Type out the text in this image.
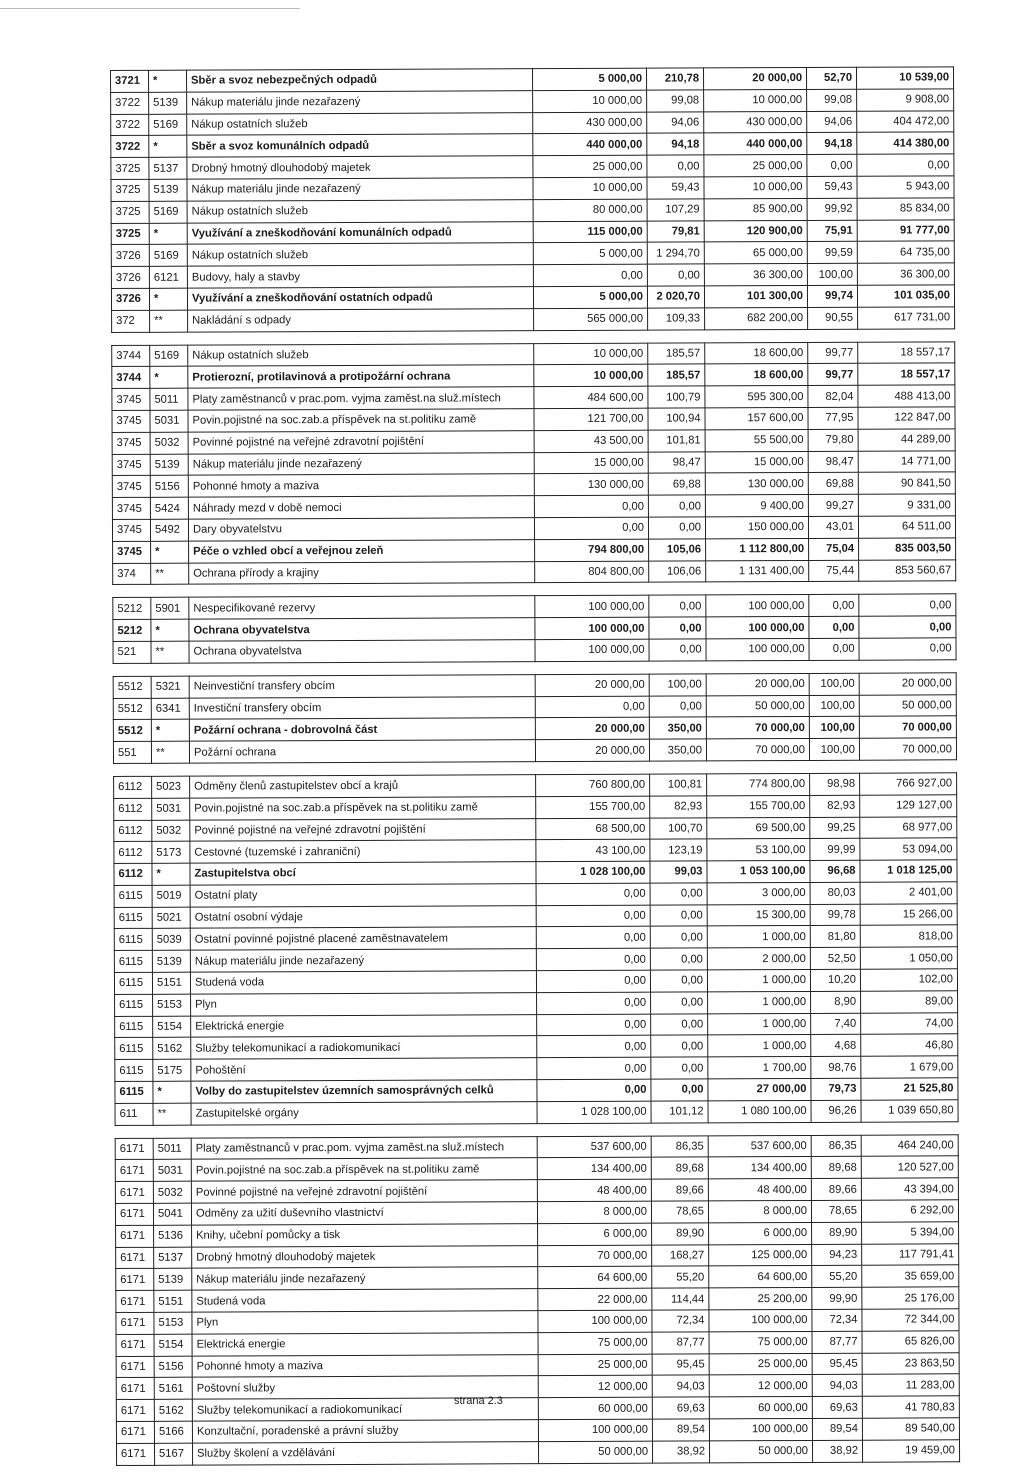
3721	*	Sběr a svoz nebezpečných odpadů	5 000,00	210,78	20 000,00	52,70	10 539,00
3722	5139	Nákup materiálu jinde nezařazený	10 000,00	99,08	10 000,00	99,08	9 908,00
3722	5169	Nákup ostatních služeb	430 000,00	94,06	430 000,00	94,06	404 472,00
3722	*	Sběr a svoz komunálních odpadů	440 000,00	94,18	440 000,00	94,18	414 380,00
3725	5137	Drobný hmotný dlouhodobý majetek	25 000,00	0,00	25 000,00	0,00	0,00
3725	5139	Nákup materiálu jinde nezařazený	10 000,00	59,43	10 000,00	59,43	5 943,00
3725	5169	Nákup ostatních služeb	80 000,00	107,29	85 900,00	99,92	85 834,00
3725	*	Využívání a zneškodňování komunálních odpadů	115 000,00	79,81	120 900,00	75,91	91 777,00
3726	5169	Nákup ostatních služeb	5 000,00	1 294,70	65 000,00	99,59	64 735,00
3726	6121	Budovy, haly a stavby	0,00	0,00	36 300,00	100,00	36 300,00
3726	*	Využívání a zneškodňování ostatních odpadů	5 000,00	2 020,70	101 300,00	99,74	101 035,00
372	**	Nakládání s odpady	565 000,00	109,33	682 200,00	90,55	617 731,00
3744	5169	Nákup ostatních služeb	10 000,00	185,57	18 600,00	99,77	18 557,17
3744	*	Protierozní, protilavinová a protipožární ochrana	10 000,00	185,57	18 600,00	99,77	18 557,17
3745	5011	Platy zaměstnanců v prac.pom. vyjma zaměst.na služ.místech	484 600,00	100,79	595 300,00	82,04	488 413,00
3745	5031	Povin.pojistné na soc.zab.a příspěvek na st.politiku zamě	121 700,00	100,94	157 600,00	77,95	122 847,00
3745	5032	Povinné pojistné na veřejné zdravotní pojištění	43 500,00	101,81	55 500,00	79,80	44 289,00
3745	5139	Nákup materiálu jinde nezařazený	15 000,00	98,47	15 000,00	98,47	14 771,00
3745	5156	Pohonné hmoty a maziva	130 000,00	69,88	130 000,00	69,88	90 841,50
3745	5424	Náhrady mezd v době nemoci	0,00	0,00	9 400,00	99,27	9 331,00
3745	5492	Dary obyvatelstvu	0,00	0,00	150 000,00	43,01	64 511,00
3745	*	Péče o vzhled obcí a veřejnou zeleň	794 800,00	105,06	1 112 800,00	75,04	835 003,50
374	**	Ochrana přírody a krajiny	804 800,00	106,06	1 131 400,00	75,44	853 560,67
5212	5901	Nespecifikované rezervy	100 000,00	0,00	100 000,00	0,00	0,00
5212	*	Ochrana obyvatelstva	100 000,00	0,00	100 000,00	0,00	0,00
521	**	Ochrana obyvatelstva	100 000,00	0,00	100 000,00	0,00	0,00
5512	5321	Neinvestiční transfery obcím	20 000,00	100,00	20 000,00	100,00	20 000,00
5512	6341	Investiční transfery obcím	0,00	0,00	50 000,00	100,00	50 000,00
5512	*	Požární ochrana - dobrovolná část	20 000,00	350,00	70 000,00	100,00	70 000,00
551	**	Požární ochrana	20 000,00	350,00	70 000,00	100,00	70 000,00
6112	5023	Odměny členů zastupitelstev obcí a krajů	760 800,00	100,81	774 800,00	98,98	766 927,00
6112	5031	Povin.pojistné na soc.zab.a příspěvek na st.politiku zamě	155 700,00	82,93	155 700,00	82,93	129 127,00
6112	5032	Povinné pojistné na veřejné zdravotní pojištění	68 500,00	100,70	69 500,00	99,25	68 977,00
6112	5173	Cestovné (tuzemské i zahraniční)	43 100,00	123,19	53 100,00	99,99	53 094,00
6112	*	Zastupitelstva obcí	1 028 100,00	99,03	1 053 100,00	96,68	1 018 125,00
6115	5019	Ostatní platy	0,00	0,00	3 000,00	80,03	2 401,00
6115	5021	Ostatní osobní výdaje	0,00	0,00	15 300,00	99,78	15 266,00
6115	5039	Ostatní povinné pojistné placené zaměstnavatelem	0,00	0,00	1 000,00	81,80	818,00
6115	5139	Nákup materiálu jinde nezařazený	0,00	0,00	2 000,00	52,50	1 050,00
6115	5151	Studená voda	0,00	0,00	1 000,00	10,20	102,00
6115	5153	Plyn	0,00	0,00	1 000,00	8,90	89,00
6115	5154	Elektrická energie	0,00	0,00	1 000,00	7,40	74,00
6115	5162	Služby telekomunikací a radiokomunikací	0,00	0,00	1 000,00	4,68	46,80
6115	5175	Pohoštění	0,00	0,00	1 700,00	98,76	1 679,00
6115	*	Volby do zastupitelstev územních samosprávných celků	0,00	0,00	27 000,00	79,73	21 525,80
611	**	Zastupitelské orgány	1 028 100,00	101,12	1 080 100,00	96,26	1 039 650,80
6171	5011	Platy zaměstnanců v prac.pom. vyjma zaměst.na služ.místech	537 600,00	86,35	537 600,00	86,35	464 240,00
6171	5031	Povin.pojistné na soc.zab.a příspěvek na st.politiku zamě	134 400,00	89,68	134 400,00	89,68	120 527,00
6171	5032	Povinné pojistné na veřejné zdravotní pojištění	48 400,00	89,66	48 400,00	89,66	43 394,00
6171	5041	Odměny za užití duševního vlastnictví	8 000,00	78,65	8 000,00	78,65	6 292,00
6171	5136	Knihy, učební pomůcky a tisk	6 000,00	89,90	6 000,00	89,90	5 394,00
6171	5137	Drobný hmotný dlouhodobý majetek	70 000,00	168,27	125 000,00	94,23	117 791,41
6171	5139	Nákup materiálu jinde nezařazený	64 600,00	55,20	64 600,00	55,20	35 659,00
6171	5151	Studená voda	22 000,00	114,44	25 200,00	99,90	25 176,00
6171	5153	Plyn	100 000,00	72,34	100 000,00	72,34	72 344,00
6171	5154	Elektrická energie	75 000,00	87,77	75 000,00	87,77	65 826,00
6171	5156	Pohonné hmoty a maziva	25 000,00	95,45	25 000,00	95,45	23 863,50
6171	5161	Poštovní služby	12 000,00	94,03	12 000,00	94,03	11 283,00
6171	5162	Služby telekomunikací a radiokomunikací	60 000,00	69,63	60 000,00	69,63	41 780,83
6171	5166	Konzultační, poradenské a právní služby	100 000,00	89,54	100 000,00	89,54	89 540,00
6171	5167	Služby školení a vzdělávání	50 000,00	38,92	50 000,00	38,92	19 459,00
strana 2.3
